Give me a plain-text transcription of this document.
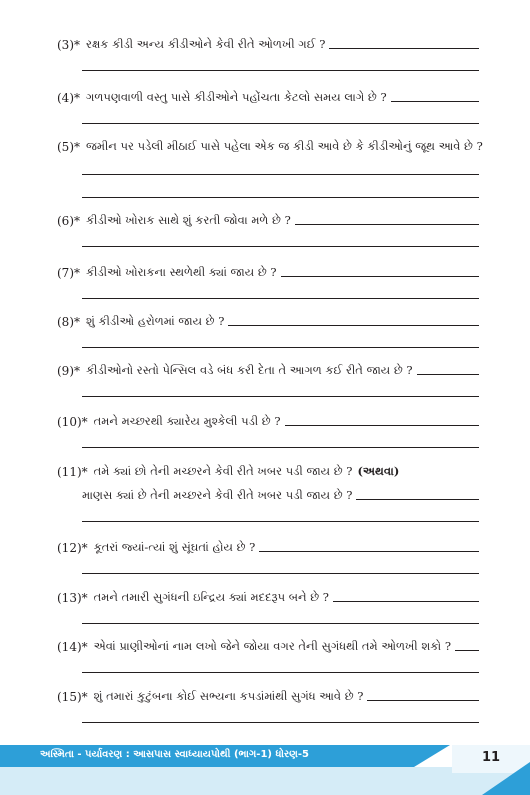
(3)* રક્ષક કીડી અન્ય કીડીઓને કેવી રીતે ઓળખી ગઈ ?
(4)* ગળપણવાળી વસ્તુ પાસે કીડીઓને પહોંચતા કેટલો સમય લાગે છે ?
(5)* જમીન પર પડેલી મીઠાઈ પાસે પહેલા એક જ કીડી આવે છે કે કીડીઓનું જૂથ આવે છે ?
(6)* કીડીઓ ખોરાક સાથે શું કરતી જોવા મળે છે ?
(7)* કીડીઓ ખોરાકના સ્થળેથી ક્યાં જાય છે ?
(8)* શું કીડીઓ હરોળમાં જાય છે ?
(9)* કીડીઓનો રસ્તો પેન્સિલ વડે બંધ કરી દેતા તે આગળ કઈ રીતે જાય છે ?
(10)* તમને મચ્છરથી ક્યારેય મુશ્કેલી પડી છે ?
(11)* તમે ક્યાં છો તેની મચ્છરને કેવી રીતે ખબર પડી જાય છે ? (અથવા)
માણસ ક્યાં છે તેની મચ્છરને કેવી રીતે ખબર પડી જાય છે ?
(12)* કૂતરાં જ્યાં-ત્યાં શું સૂંઘતાં હોય છે ?
(13)* તમને તમારી સુગંધની ઇન્દ્રિય ક્યાં મદદરૂપ બને છે ?
(14)* એવાં પ્રાણીઓનાં નામ લખો જેને જોયા વગર તેની સુગંધથી તમે ઓળખી શકો ?
(15)* શું તમારાં કુટુંબના કોઈ સભ્યના કપડાંમાંથી સુગંધ આવે છે ?
અસ્મિતા - પર્યાવરણ : આસપાસ સ્વાધ્યાયપોથી (ભાગ-1) ધોરણ-5	11
